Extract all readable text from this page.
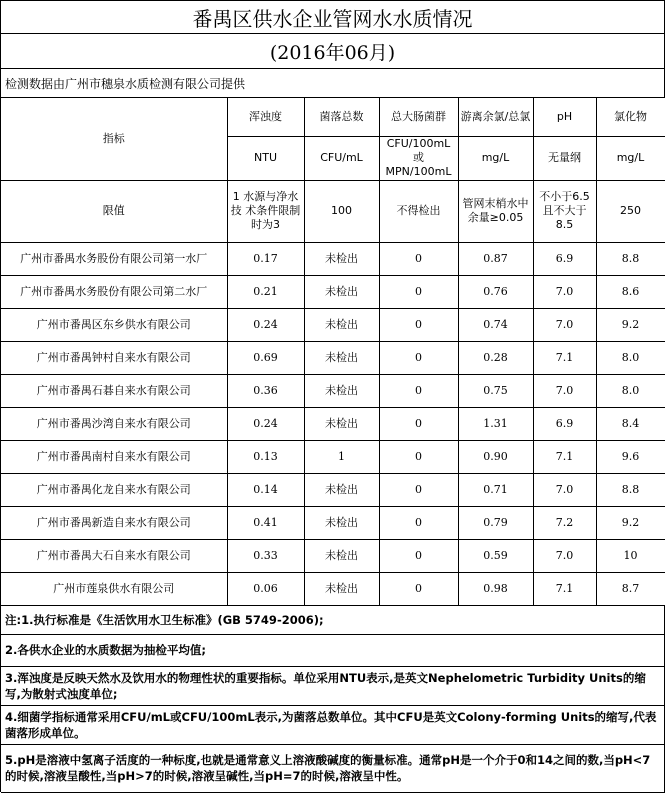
番禺区供水企业管网水水质情况
(2016年06月)
检测数据由广州市穗泉水质检测有限公司提供
指标	浑浊度	菌落总数	总大肠菌群	游离余氯/总氯	pH	氯化物
	NTU	CFU/mL	CFU/100mL 或 MPN/100mL	mg/L	无量纲	mg/L
限值	1 水源与净水技 术条件限制时为3	100	不得检出	管网末梢水中 余量≥0.05	不小于6.5且不大于8.5	250
广州市番禺水务股份有限公司第一水厂	0.17	未检出	0	0.87	6.9	8.8
广州市番禺水务股份有限公司第二水厂	0.21	未检出	0	0.76	7.0	8.6
广州市番禺区东乡供水有限公司	0.24	未检出	0	0.74	7.0	9.2
广州市番禺钟村自来水有限公司	0.69	未检出	0	0.28	7.1	8.0
广州市番禺石碁自来水有限公司	0.36	未检出	0	0.75	7.0	8.0
广州市番禺沙湾自来水有限公司	0.24	未检出	0	1.31	6.9	8.4
广州市番禺南村自来水有限公司	0.13	1	0	0.90	7.1	9.6
广州市番禺化龙自来水有限公司	0.14	未检出	0	0.71	7.0	8.8
广州市番禺新造自来水有限公司	0.41	未检出	0	0.79	7.2	9.2
广州市番禺大石自来水有限公司	0.33	未检出	0	0.59	7.0	10
广州市莲泉供水有限公司	0.06	未检出	0	0.98	7.1	8.7
注:1.执行标准是《生活饮用水卫生标准》(GB 5749-2006);
2.各供水企业的水质数据为抽检平均值;
3.浑浊度是反映天然水及饮用水的物理性状的重要指标。单位采用NTU表示,是英文Nephelometric Turbidity Units的缩写,为散射式浊度单位;
4.细菌学指标通常采用CFU/mL或CFU/100mL表示,为菌落总数单位。其中CFU是英文Colony-forming Units的缩写,代表菌落形成单位。
5.pH是溶液中氢离子活度的一种标度,也就是通常意义上溶液酸碱度的衡量标准。通常pH是一个介于0和14之间的数,当pH<7的时候,溶液呈酸性,当pH>7的时候,溶液呈碱性,当pH=7的时候,溶液呈中性。
